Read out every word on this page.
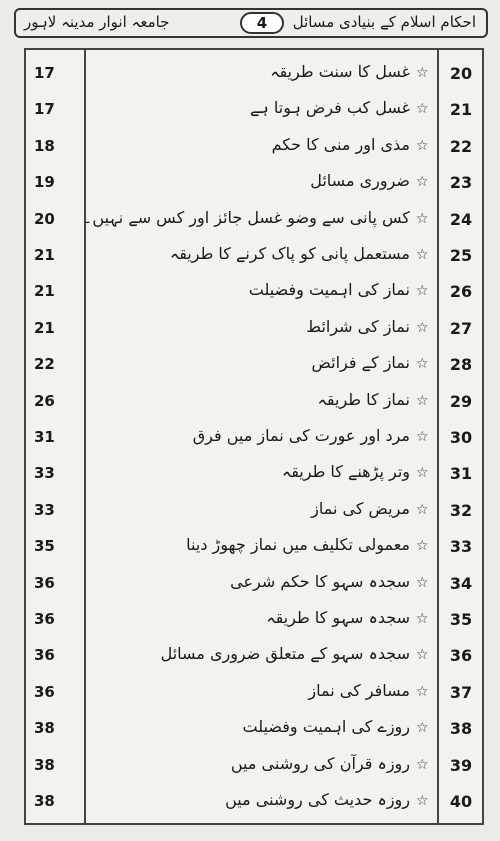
جامعہ انوار مدینہ لاہور	4	احکام اسلام کے بنیادی مسائل
17	غسل کا سنت طریقہ ☆	20
17	غسل کب فرض ہوتا ہے ☆	21
18	مذی اور منی کا حکم ☆	22
19	ضروری مسائل ☆	23
20	کس پانی سے وضو غسل جائز اور کس سے نہیں۔ ☆	24
21	مستعمل پانی کو پاک کرنے کا طریقہ ☆	25
21	نماز کی اہمیت وفضیلت ☆	26
21	نماز کی شرائط ☆	27
22	نماز کے فرائض ☆	28
26	نماز کا طریقہ ☆	29
31	مرد اور عورت کی نماز میں فرق ☆	30
33	وتر پڑھنے کا طریقہ ☆	31
33	مریض کی نماز ☆	32
35	معمولی تکلیف میں نماز چھوڑ دینا ☆	33
36	سجدہ سہو کا حکم شرعی ☆	34
36	سجدہ سہو کا طریقہ ☆	35
36	سجدہ سہو کے متعلق ضروری مسائل ☆	36
36	مسافر کی نماز ☆	37
38	روزے کی اہمیت وفضیلت ☆	38
38	روزہ قرآن کی روشنی میں ☆	39
38	روزہ حدیث کی روشنی میں ☆	40
